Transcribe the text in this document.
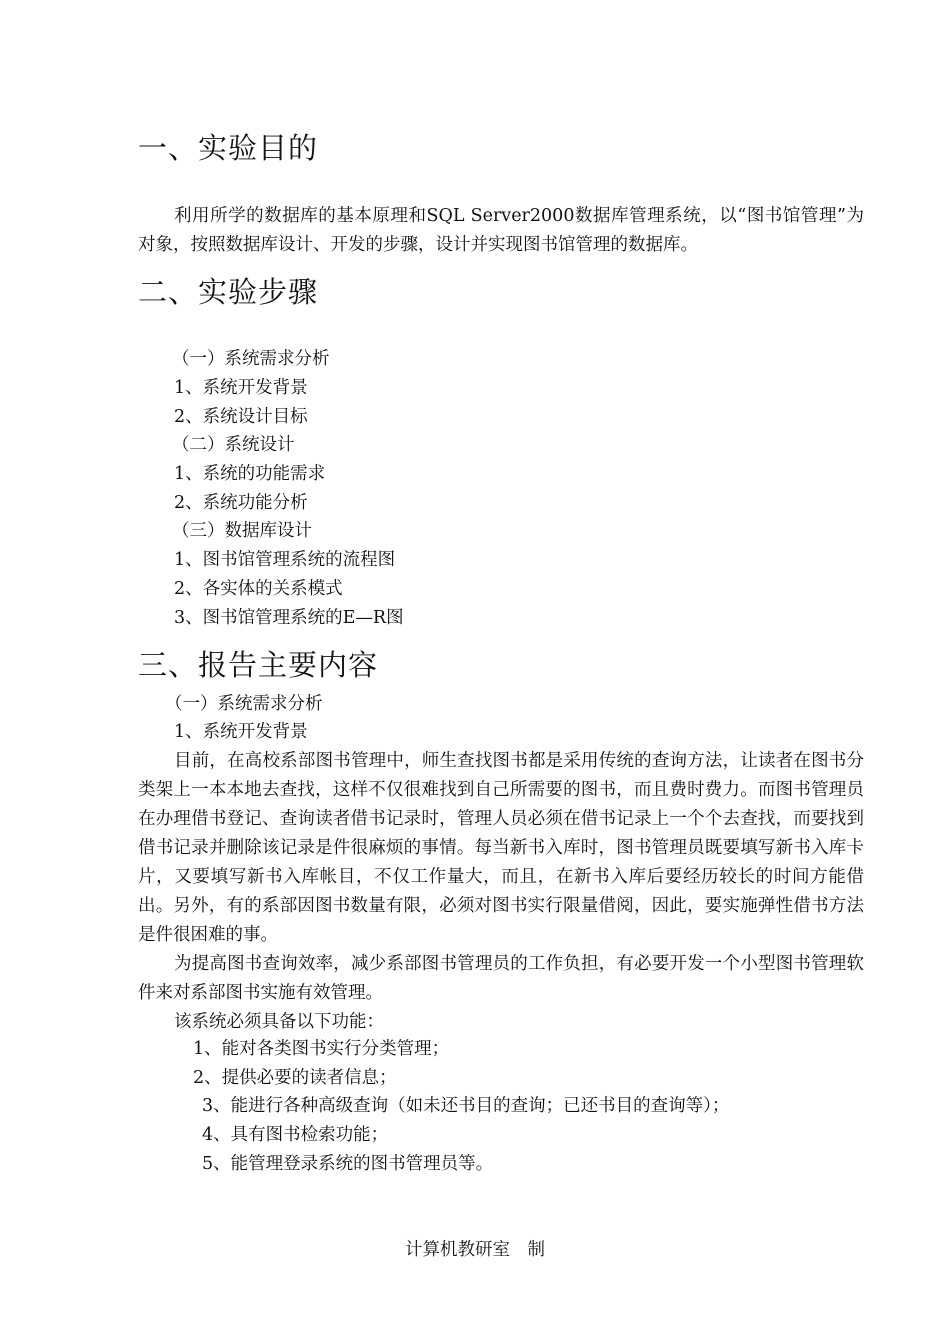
一、实验目的

利用所学的数据库的基本原理和SQL Server2000数据库管理系统，以“图书馆管理”为对象，按照数据库设计、开发的步骤，设计并实现图书馆管理的数据库。

二、实验步骤
（一）系统需求分析
1、系统开发背景
2、系统设计目标
（二）系统设计
1、系统的功能需求
2、系统功能分析
（三）数据库设计
1、图书馆管理系统的流程图
2、各实体的关系模式
3、图书馆管理系统的E—R图
三、报告主要内容
（一）系统需求分析
1、系统开发背景

目前，在高校系部图书管理中，师生查找图书都是采用传统的查询方法，让读者在图书分类架上一本本地去查找，这样不仅很难找到自己所需要的图书，而且费时费力。而图书管理员在办理借书登记、查询读者借书记录时，管理人员必须在借书记录上一个个去查找，而要找到借书记录并删除该记录是件很麻烦的事情。每当新书入库时，图书管理员既要填写新书入库卡片，又要填写新书入库帐目，不仅工作量大，而且，在新书入库后要经历较长的时间方能借出。另外，有的系部因图书数量有限，必须对图书实行限量借阅，因此，要实施弹性借书方法是件很困难的事。

为提高图书查询效率，减少系部图书管理员的工作负担，有必要开发一个小型图书管理软件来对系部图书实施有效管理。

该系统必须具备以下功能：

1、能对各类图书实行分类管理；
2、提供必要的读者信息；
3、能进行各种高级查询（如未还书目的查询；已还书目的查询等）；
4、具有图书检索功能；
5、能管理登录系统的图书管理员等。
计算机教研室　制
